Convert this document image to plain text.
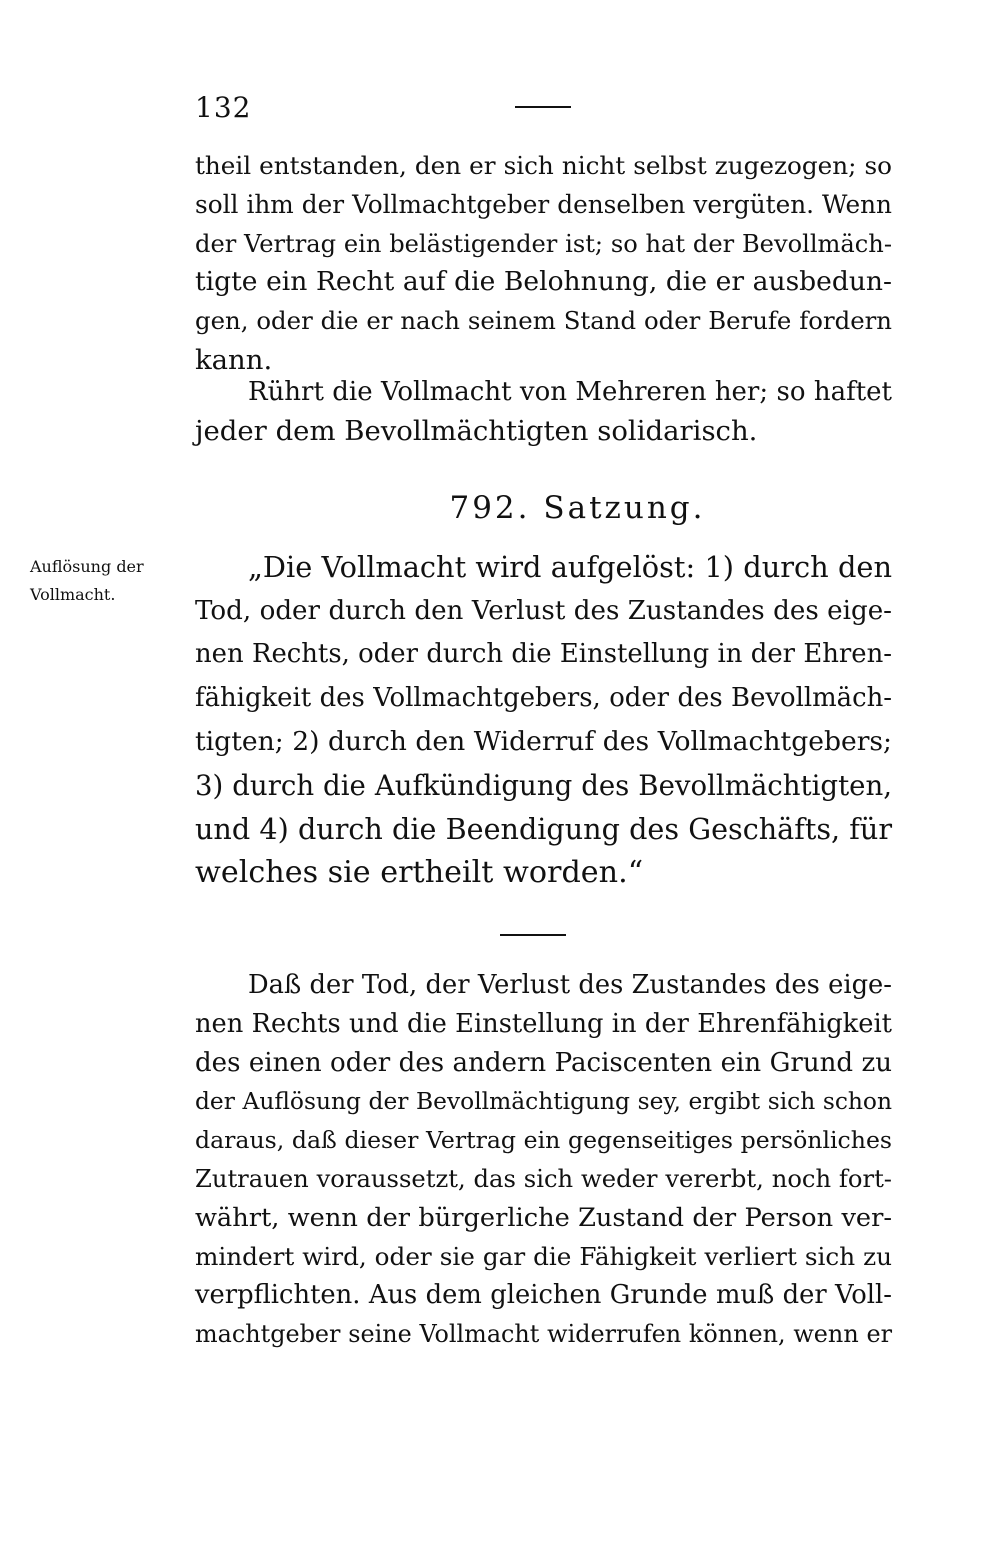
132
theil entstanden, den er sich nicht selbst zugezogen; so
soll ihm der Vollmachtgeber denselben vergüten. Wenn
der Vertrag ein belästigender ist; so hat der Bevollmäch-
tigte ein Recht auf die Belohnung, die er ausbedun-
gen, oder die er nach seinem Stand oder Berufe fordern
kann.
Rührt die Vollmacht von Mehreren her; so haftet
jeder dem Bevollmächtigten solidarisch.
792. Satzung.
Auflösung der
Vollmacht.
„Die Vollmacht wird aufgelöst: 1) durch den
Tod, oder durch den Verlust des Zustandes des eige-
nen Rechts, oder durch die Einstellung in der Ehren-
fähigkeit des Vollmachtgebers, oder des Bevollmäch-
tigten; 2) durch den Widerruf des Vollmachtgebers;
3) durch die Aufkündigung des Bevollmächtigten,
und 4) durch die Beendigung des Geschäfts, für
welches sie ertheilt worden.“
Daß der Tod, der Verlust des Zustandes des eige-
nen Rechts und die Einstellung in der Ehrenfähigkeit
des einen oder des andern Paciscenten ein Grund zu
der Auflösung der Bevollmächtigung sey, ergibt sich schon
daraus, daß dieser Vertrag ein gegenseitiges persönliches
Zutrauen voraussetzt, das sich weder vererbt, noch fort-
währt, wenn der bürgerliche Zustand der Person ver-
mindert wird, oder sie gar die Fähigkeit verliert sich zu
verpflichten. Aus dem gleichen Grunde muß der Voll-
machtgeber seine Vollmacht widerrufen können, wenn er
